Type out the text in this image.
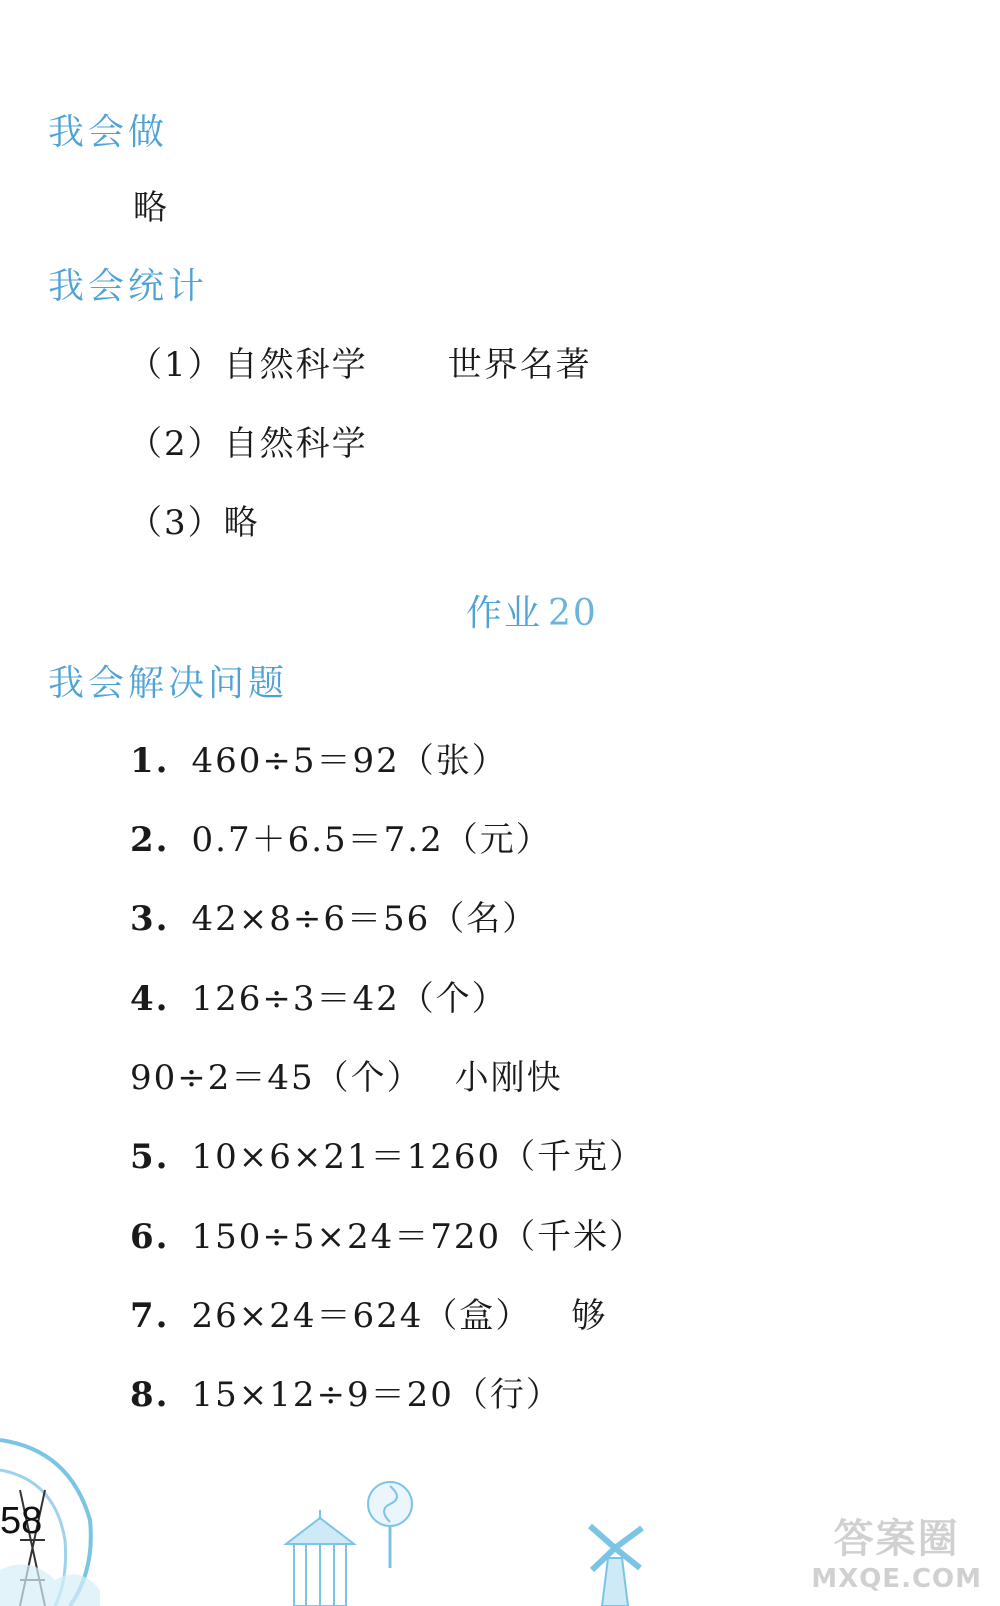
我会做
略
我会统计
（1）自然科学 世界名著
（2）自然科学
（3）略
作业 20
我会解决问题
1. 460÷5＝92（张）
2. 0.7＋6.5＝7.2（元）
3. 42×8÷6＝56（名）
4. 126÷3＝42（个）
90÷2＝45（个） 小刚快
5. 10×6×21＝1260（千克）
6. 150÷5×24＝720（千米）
7. 26×24＝624（盒） 够
8. 15×12÷9＝20（行）
58	答案圈
MXQE.COM
